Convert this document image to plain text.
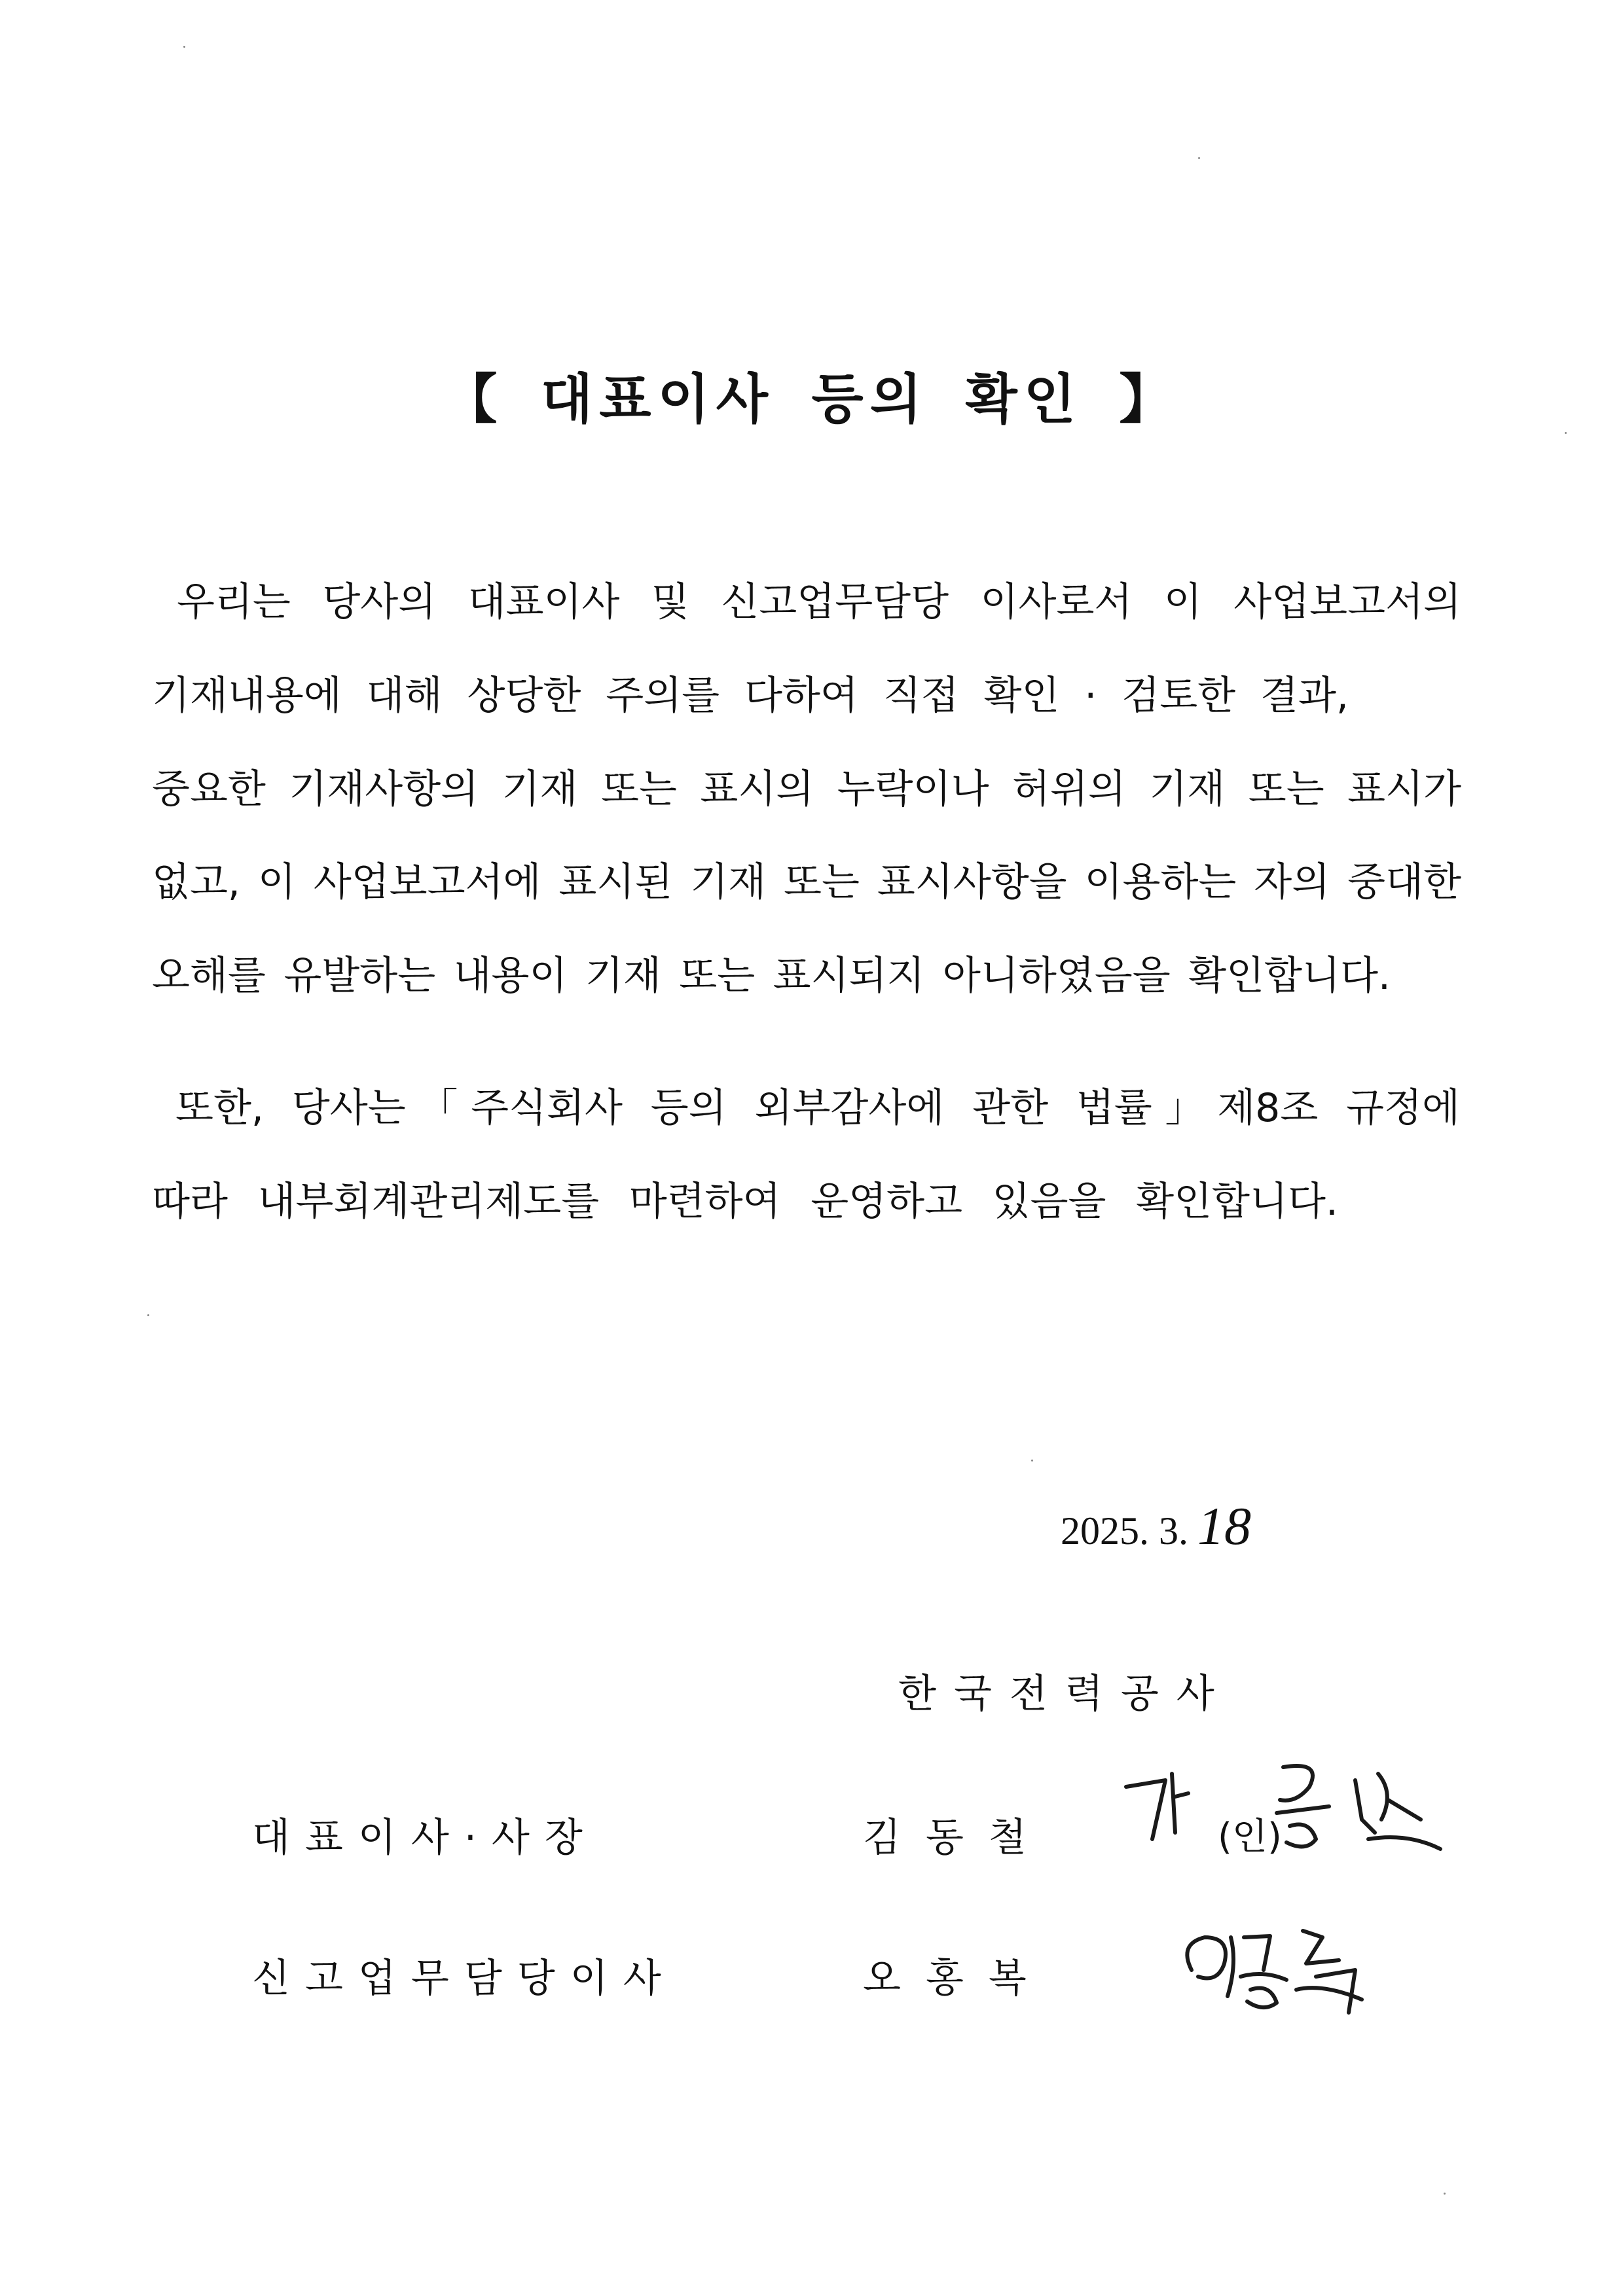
【 대표이사 등의 확인 】
우리는 당사의 대표이사 및 신고업무담당 이사로서 이 사업보고서의
기재내용에 대해 상당한 주의를 다하여 직접 확인 · 검토한 결과,
중요한 기재사항의 기재 또는 표시의 누락이나 허위의 기재 또는 표시가
없고, 이 사업보고서에 표시된 기재 또는 표시사항을 이용하는 자의 중대한
오해를 유발하는 내용이 기재 또는 표시되지 아니하였음을 확인합니다.
또한, 당사는「주식회사 등의 외부감사에 관한 법률」제8조 규정에
따라 내부회계관리제도를 마련하여 운영하고 있음을 확인합니다.
2025. 3. 18
한국전력공사
대표이사·사장	김동철	(인)
신고업무담당이사	오홍복
